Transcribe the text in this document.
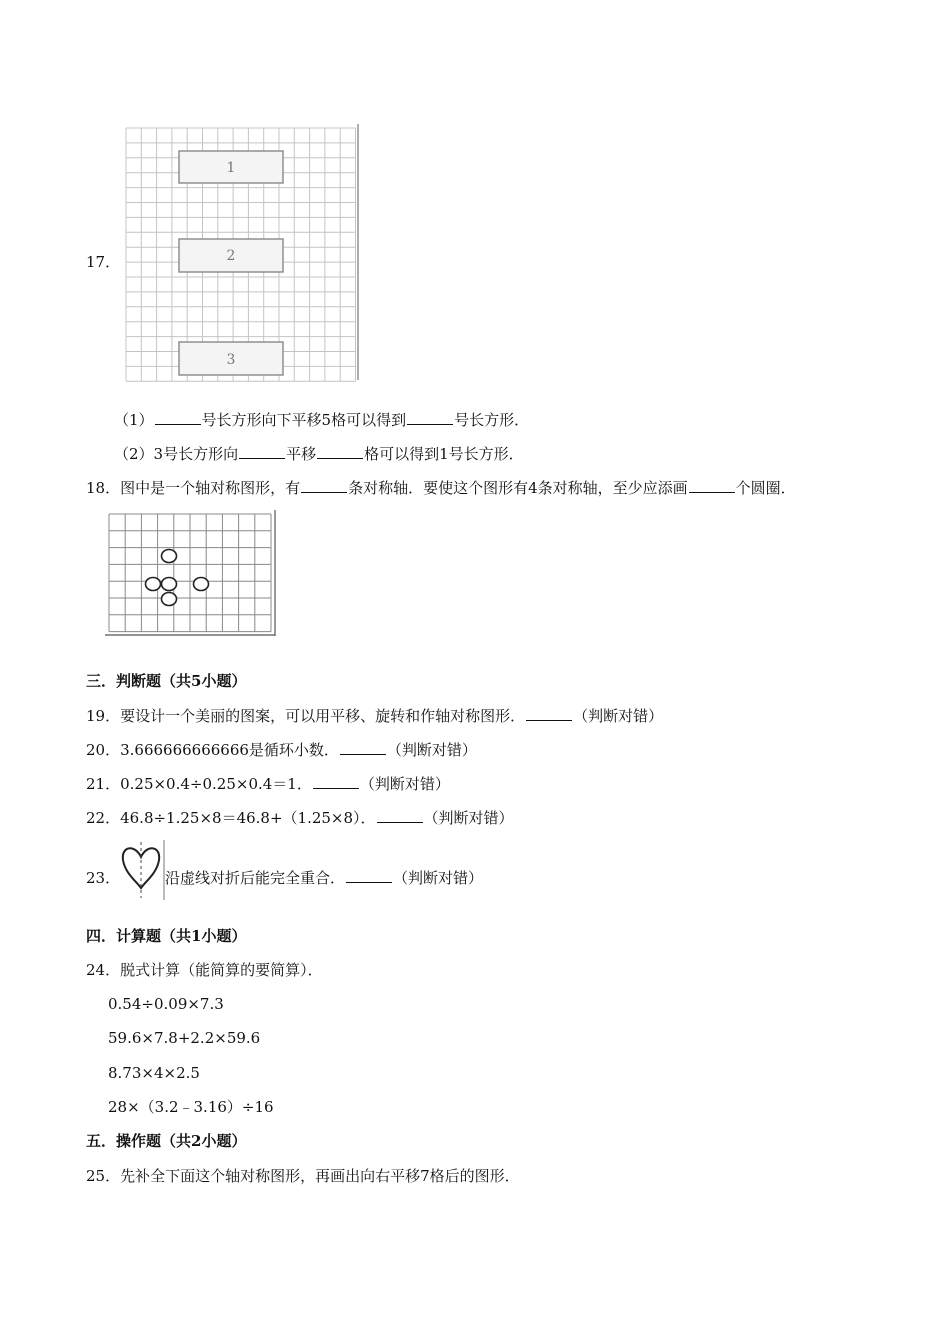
17．
1
2
3
（1）	号长方形向下平移5格可以得到	号长方形．
（2）3号长方形向	平移	格可以得到1号长方形．
18．图中是一个轴对称图形，有	条对称轴．要使这个图形有4条对称轴，至少应添画	个圆圈．
三．判断题（共5小题）
19．要设计一个美丽的图案，可以用平移、旋转和作轴对称图形．	（判断对错）
20．3.666666666666是循环小数．	（判断对错）
21．0.25×0.4÷0.25×0.4＝1．	（判断对错）
22．46.8÷1.25×8＝46.8+（1.25×8）．	（判断对错）
23．	沿虚线对折后能完全重合．	（判断对错）
四．计算题（共1小题）
24．脱式计算（能简算的要简算）．
0.54÷0.09×7.3
59.6×7.8+2.2×59.6
8.73×4×2.5
28×（3.2﹣3.16）÷16
五．操作题（共2小题）
25．先补全下面这个轴对称图形，再画出向右平移7格后的图形．
